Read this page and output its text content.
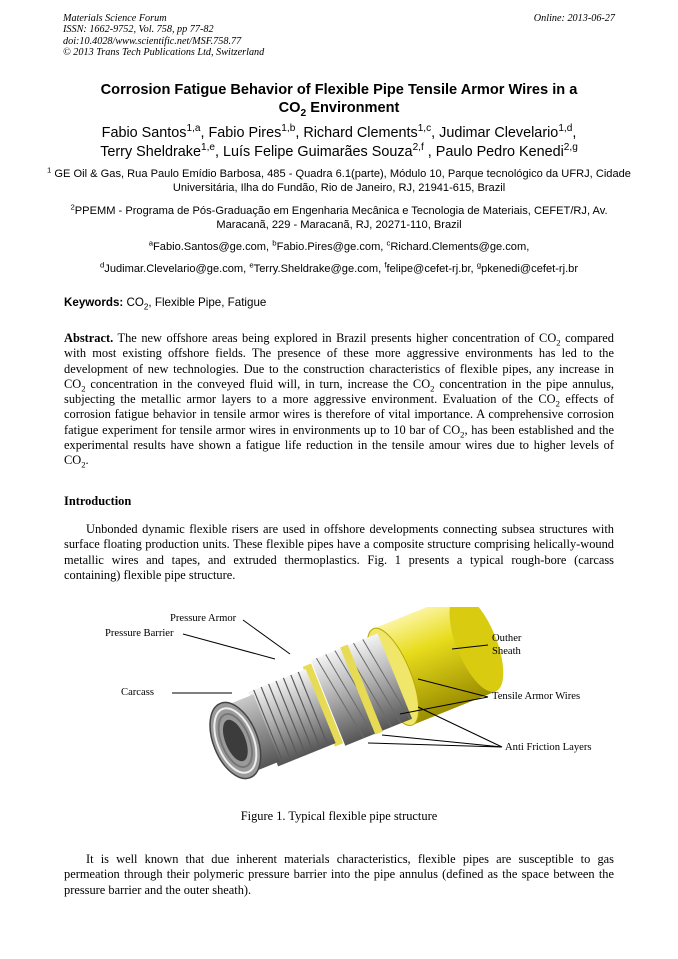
Materials Science Forum
ISSN: 1662-9752, Vol. 758, pp 77-82
doi:10.4028/www.scientific.net/MSF.758.77
© 2013 Trans Tech Publications Ltd, Switzerland
Online: 2013-06-27
Corrosion Fatigue Behavior of Flexible Pipe Tensile Armor Wires in a
$CO_2$ Environment
Fabio Santos$^{1,a}$, Fabio Pires$^{1,b}$, Richard Clements$^{1,c}$, Judimar Clevelario$^{1,d}$,
Terry Sheldrake$^{1,e}$, Luís Felipe Guimarães Souza$^{2,f}$ , Paulo Pedro Kenedi$^{2,g}$
$^1$ GE Oil & Gas, Rua Paulo Emídio Barbosa, 485 - Quadra 6.1(parte), Módulo 10, Parque tecnológico da UFRJ, Cidade Universitária, Ilha do Fundão, Rio de Janeiro, RJ, 21941-615, Brazil
$^2$PPEMM - Programa de Pós-Graduação em Engenharia Mecânica e Tecnologia de Materiais, CEFET/RJ, Av. Maracanã, 229 - Maracanã, RJ, 20271-110, Brazil
$^a$Fabio.Santos@ge.com, $^b$Fabio.Pires@ge.com, $^c$Richard.Clements@ge.com,
$^d$Judimar.Clevelario@ge.com, $^e$Terry.Sheldrake@ge.com, $^f$felipe@cefet-rj.br, $^g$pkenedi@cefet-rj.br
Keywords: $CO_2$, Flexible Pipe, Fatigue
Abstract. The new offshore areas being explored in Brazil presents higher concentration of $CO_2$ compared with most existing offshore fields. The presence of these more aggressive environments has led to the development of new technologies. Due to the construction characteristics of flexible pipes, any increase in $CO_2$ concentration in the conveyed fluid will, in turn, increase the $CO_2$ concentration in the pipe annulus, subjecting the metallic armor layers to a more aggressive environment. Evaluation of the $CO_2$ effects of corrosion fatigue behavior in tensile armor wires is therefore of vital importance. A comprehensive corrosion fatigue experiment for tensile armor wires in environments up to 10 bar of $CO_2$, has been established and the experimental results have shown a fatigue life reduction in the tensile amour wires due to higher levels of $CO_2$.
Introduction
Unbonded dynamic flexible risers are used in offshore developments connecting subsea structures with surface floating production units. These flexible pipes have a composite structure comprising helically-wound metallic wires and tapes, and extruded thermoplastics. Fig. 1 presents a typical rough-bore (carcass containing) flexible pipe structure.
Pressure Armor
Pressure Barrier
Carcass
Outher
Sheath
Tensile Armor Wires
Anti Friction Layers
Figure 1. Typical flexible pipe structure
It is well known that due inherent materials characteristics, flexible pipes are susceptible to gas permeation through their polymeric pressure barrier into the pipe annulus (defined as the space between the pressure barrier and the outer sheath).
